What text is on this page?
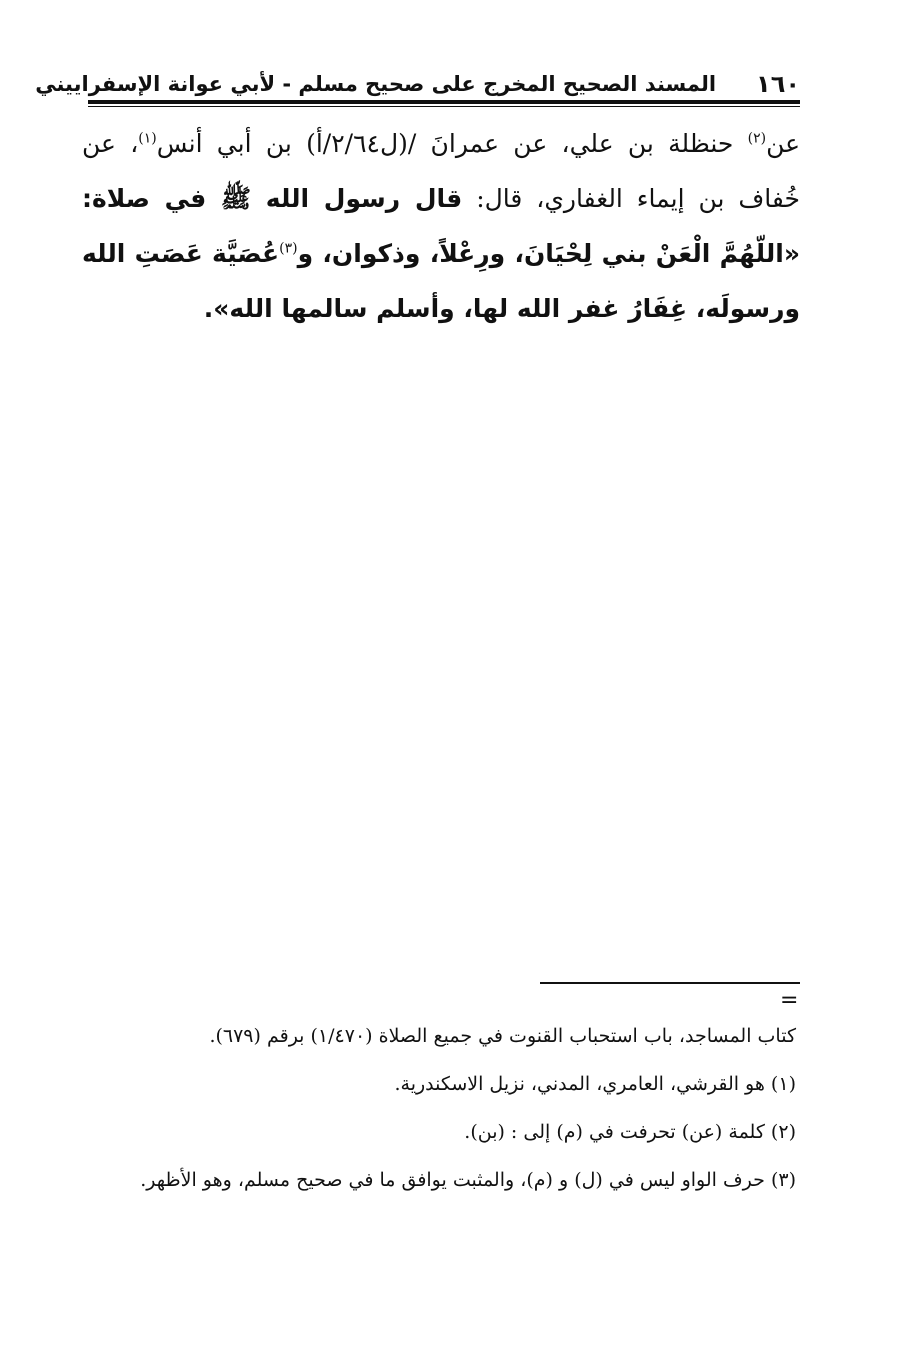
١٦٠
المسند الصحيح المخرج على صحيح مسلم - لأبي عوانة الإسفراييني

عن$^{(٢)}$ حنظلة بن علي، عن عمرانَ /(ل٢/٦٤/أ) بن أبي أنس$^{(١)}$، عن خُفاف بن إيماء الغفاري، قال: قال رسول الله ﷺ في صلاة: «اللّهُمَّ الْعَنْ بني لِحْيَانَ، ورِعْلاً، وذكوان، و$^{(٣)}$عُصَيَّة عَصَتِ الله ورسولَه، غِفَارُ غفر الله لها، وأسلم سالمها الله».

=

كتاب المساجد، باب استحباب القنوت في جميع الصلاة (١/٤٧٠) برقم (٦٧٩).

(١) هو القرشي، العامري، المدني، نزيل الاسكندرية.

(٢) كلمة (عن) تحرفت في (م) إلى : (بن).

(٣) حرف الواو ليس في (ل) و (م)، والمثبت يوافق ما في صحيح مسلم، وهو الأظهر.
